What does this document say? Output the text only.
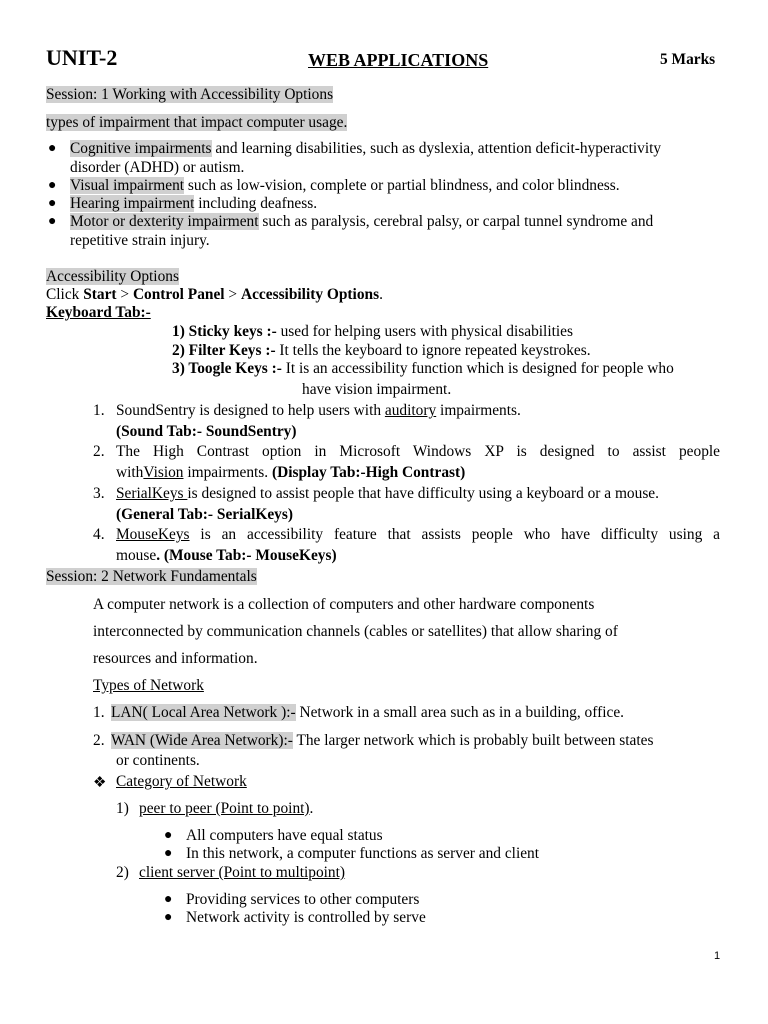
UNIT-2	WEB APPLICATIONS	5 Marks
Session: 1 Working with Accessibility Options
types of impairment that impact computer usage.
● Cognitive impairments and learning disabilities, such as dyslexia, attention deficit-hyperactivity
disorder (ADHD) or autism.
● Visual impairment such as low-vision, complete or partial blindness, and color blindness.
● Hearing impairment including deafness.
● Motor or dexterity impairment such as paralysis, cerebral palsy, or carpal tunnel syndrome and
repetitive strain injury.
Accessibility Options
Click Start > Control Panel > Accessibility Options.
Keyboard Tab:-
1) Sticky keys :- used for helping users with physical disabilities
2) Filter Keys :- It tells the keyboard to ignore repeated keystrokes.
3) Toogle Keys :- It is an accessibility function which is designed for people who
have vision impairment.
1. SoundSentry is designed to help users with auditory impairments.
(Sound Tab:- SoundSentry)
2. The High Contrast option in Microsoft Windows XP is designed to assist people
withVision impairments. (Display Tab:-High Contrast)
3. SerialKeys is designed to assist people that have difficulty using a keyboard or a mouse.
(General Tab:- SerialKeys)
4. MouseKeys is an accessibility feature that assists people who have difficulty using a
mouse. (Mouse Tab:- MouseKeys)
Session: 2 Network Fundamentals
A computer network is a collection of computers and other hardware components
interconnected by communication channels (cables or satellites) that allow sharing of
resources and information.
Types of Network
1. LAN( Local Area Network ):- Network in a small area such as in a building, office.
2. WAN (Wide Area Network):- The larger network which is probably built between states
or continents.
❖ Category of Network
1) peer to peer (Point to point).
● All computers have equal status
● In this network, a computer functions as server and client
2) client server (Point to multipoint)
● Providing services to other computers
● Network activity is controlled by serve
1
